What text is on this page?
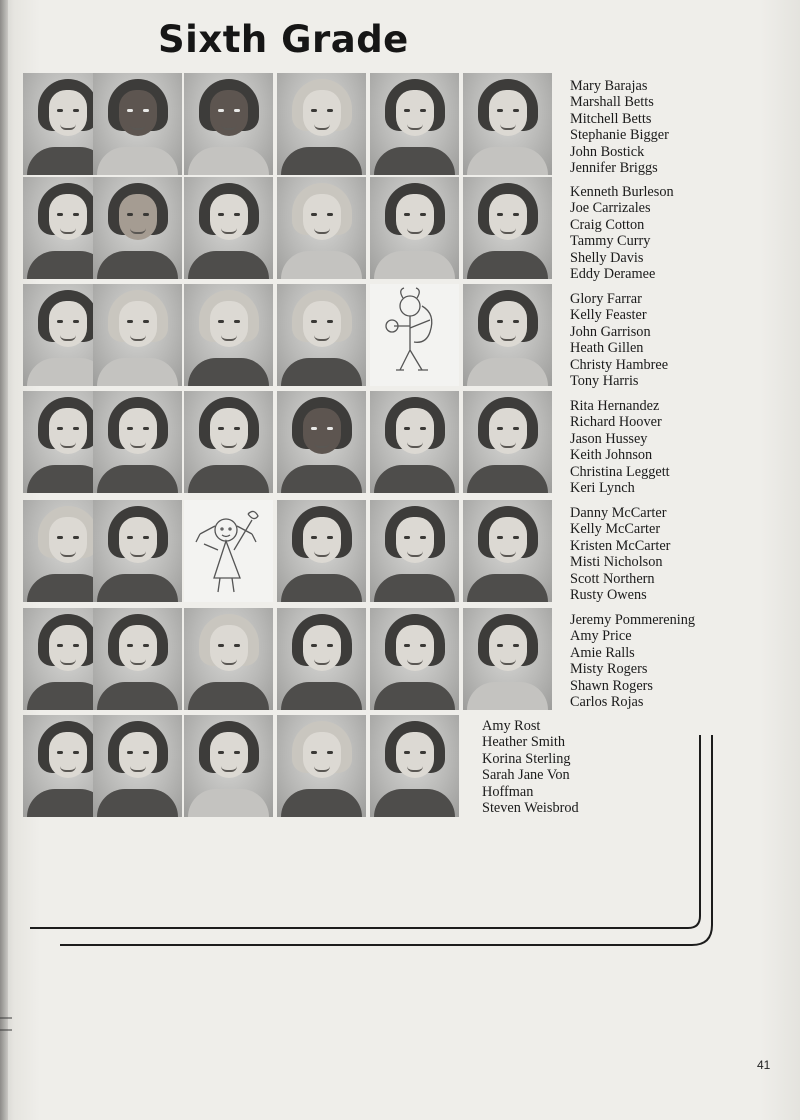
Sixth Grade
Mary Barajas
Marshall Betts
Mitchell Betts
Stephanie Bigger
John Bostick
Jennifer Briggs
Kenneth Burleson
Joe Carrizales
Craig Cotton
Tammy Curry
Shelly Davis
Eddy Deramee
Glory Farrar
Kelly Feaster
John Garrison
Heath Gillen
Christy Hambree
Tony Harris
Rita Hernandez
Richard Hoover
Jason Hussey
Keith Johnson
Christina Leggett
Keri Lynch
Danny McCarter
Kelly McCarter
Kristen McCarter
Misti Nicholson
Scott Northern
Rusty Owens
Jeremy Pommerening
Amy Price
Amie Ralls
Misty Rogers
Shawn Rogers
Carlos Rojas
Amy Rost
Heather Smith
Korina Sterling
Sarah Jane Von
Hoffman
Steven Weisbrod
41
